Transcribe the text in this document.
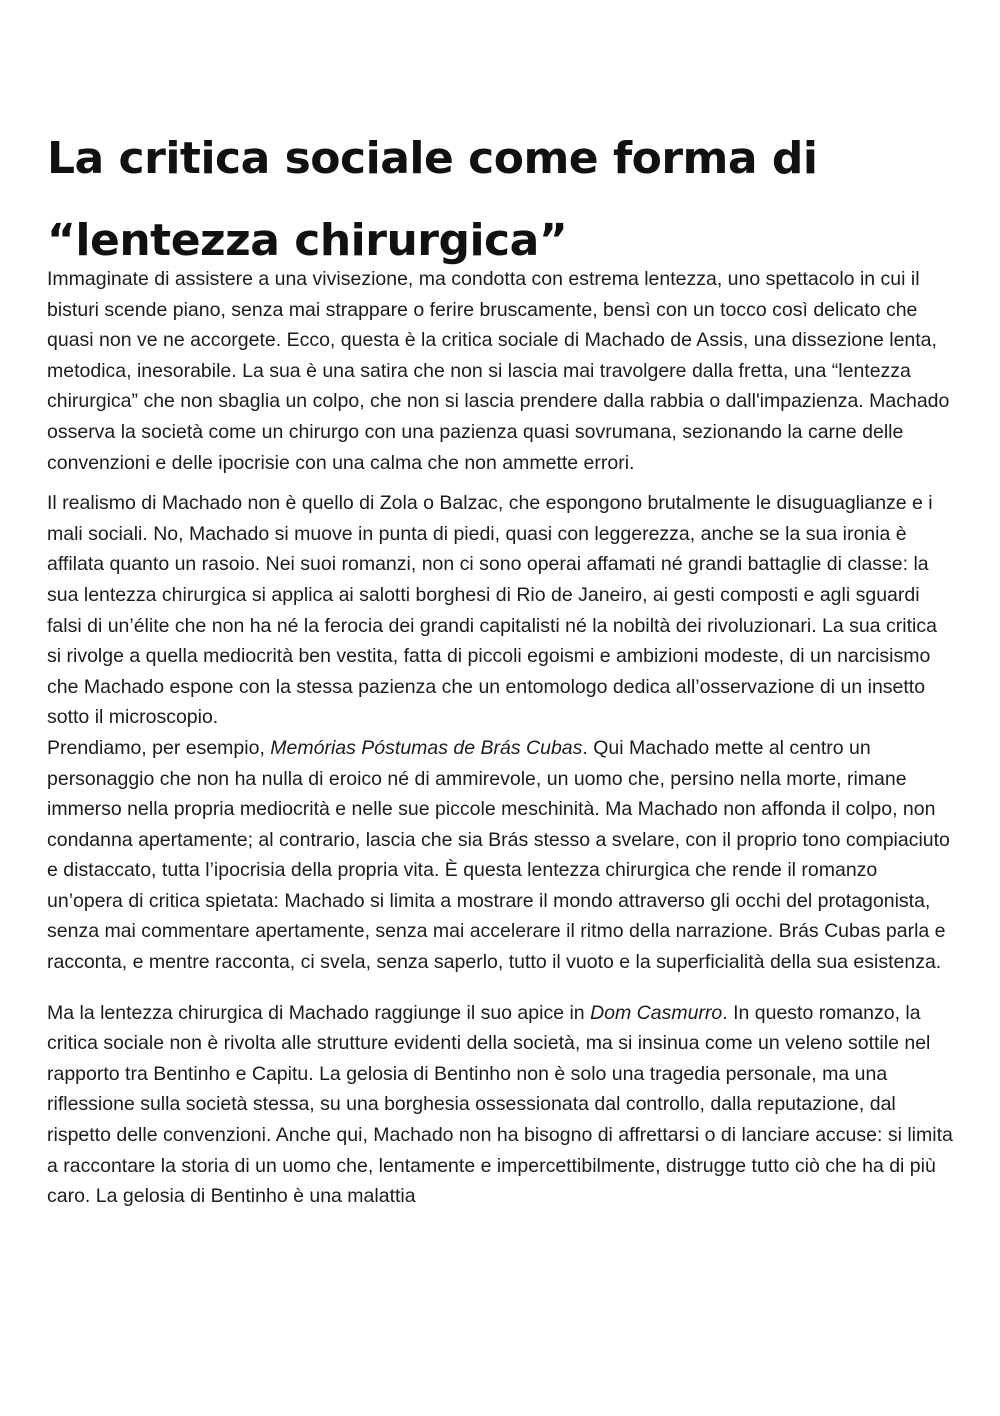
La critica sociale come forma di
“lentezza chirurgica”

Immaginate di assistere a una vivisezione, ma condotta con estrema lentezza, uno spettacolo in cui il bisturi scende piano, senza mai strappare o ferire bruscamente, bensì con un tocco così delicato che quasi non ve ne accorgete. Ecco, questa è la critica sociale di Machado de Assis, una dissezione lenta, metodica, inesorabile. La sua è una satira che non si lascia mai travolgere dalla fretta, una “lentezza chirurgica” che non sbaglia un colpo, che non si lascia prendere dalla rabbia o dall'impazienza. Machado osserva la società come un chirurgo con una pazienza quasi sovrumana, sezionando la carne delle convenzioni e delle ipocrisie con una calma che non ammette errori.

Il realismo di Machado non è quello di Zola o Balzac, che espongono brutalmente le disuguaglianze e i mali sociali. No, Machado si muove in punta di piedi, quasi con leggerezza, anche se la sua ironia è affilata quanto un rasoio. Nei suoi romanzi, non ci sono operai affamati né grandi battaglie di classe: la sua lentezza chirurgica si applica ai salotti borghesi di Rio de Janeiro, ai gesti composti e agli sguardi falsi di un’élite che non ha né la ferocia dei grandi capitalisti né la nobiltà dei rivoluzionari. La sua critica si rivolge a quella mediocrità ben vestita, fatta di piccoli egoismi e ambizioni modeste, di un narcisismo che Machado espone con la stessa pazienza che un entomologo dedica all’osservazione di un insetto sotto il microscopio.

Prendiamo, per esempio, Memórias Póstumas de Brás Cubas. Qui Machado mette al centro un personaggio che non ha nulla di eroico né di ammirevole, un uomo che, persino nella morte, rimane immerso nella propria mediocrità e nelle sue piccole meschinità. Ma Machado non affonda il colpo, non condanna apertamente; al contrario, lascia che sia Brás stesso a svelare, con il proprio tono compiaciuto e distaccato, tutta l’ipocrisia della propria vita. È questa lentezza chirurgica che rende il romanzo un’opera di critica spietata: Machado si limita a mostrare il mondo attraverso gli occhi del protagonista, senza mai commentare apertamente, senza mai accelerare il ritmo della narrazione. Brás Cubas parla e racconta, e mentre racconta, ci svela, senza saperlo, tutto il vuoto e la superficialità della sua esistenza.

Ma la lentezza chirurgica di Machado raggiunge il suo apice in Dom Casmurro. In questo romanzo, la critica sociale non è rivolta alle strutture evidenti della società, ma si insinua come un veleno sottile nel rapporto tra Bentinho e Capitu. La gelosia di Bentinho non è solo una tragedia personale, ma una riflessione sulla società stessa, su una borghesia ossessionata dal controllo, dalla reputazione, dal rispetto delle convenzioni. Anche qui, Machado non ha bisogno di affrettarsi o di lanciare accuse: si limita a raccontare la storia di un uomo che, lentamente e impercettibilmente, distrugge tutto ciò che ha di più caro. La gelosia di Bentinho è una malattia
